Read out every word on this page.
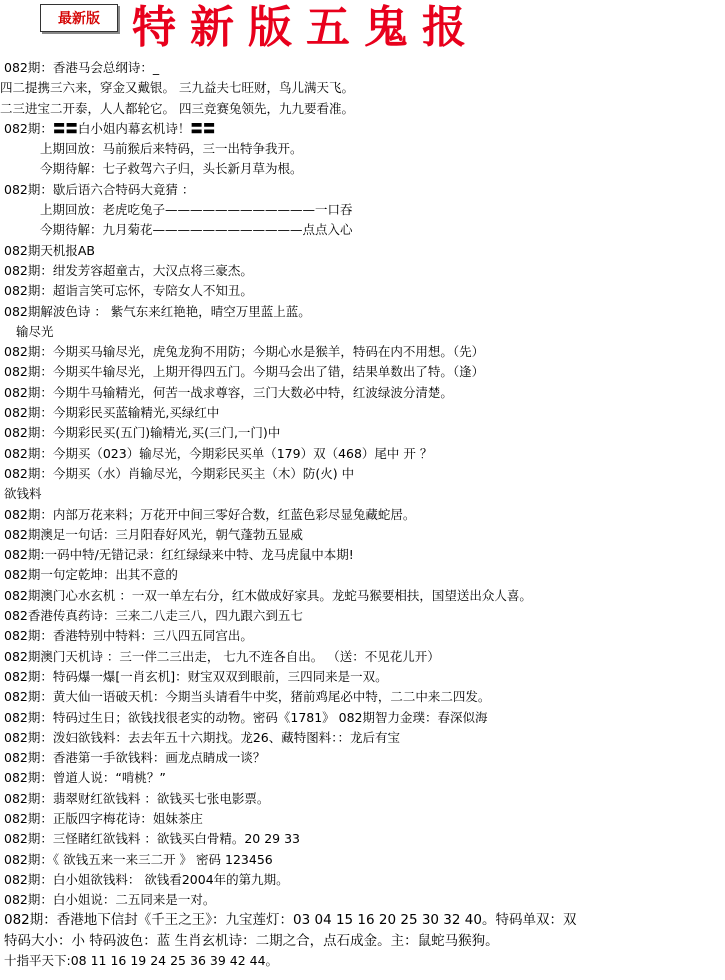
最新版 特新版五鬼报
082期：香港马会总纲诗：_
四二提携三六来，穿金又戴银。 三九益夫七旺财，鸟儿满天飞。
二三进宝二开泰，人人都轮它。 四三竞赛兔领先，九九要看准。
082期：〓〓白小姐内幕玄机诗！〓〓
上期回放：马前猴后来特码，三一出特争我开。
今期待解：七子救驾六子归，头长新月草为根。
082期：歇后语六合特码大竟猜 ：
上期回放：老虎吃兔子————————————一口吞
今期待解：九月菊花————————————点点入心
082期天机报AB
082期：绀发芳容超童古，大汉点将三豪杰。
082期：超诣言笑可忘怀，专陪女人不知丑。
082期解波色诗 ： 紫气东来红艳艳，晴空万里蓝上蓝。
输尽光
082期：今期买马输尽光，虎兔龙狗不用防；今期心水是猴羊，特码在内不用想。（先）
082期：今期买牛输尽光，上期开得四五门。今期马会出了错，结果单数出了特。（逢）
082期：今期牛马输精光，何苦一战求尊容，三门大数必中特，红波绿波分清楚。
082期：今期彩民买蓝输精光,买绿红中
082期：今期彩民买(五门)输精光,买(三门,一门)中
082期：今期买（023）输尽光，今期彩民买单（179）双（468）尾中 开 ？
082期：今期买（水）肖输尽光，今期彩民买主（木）防(火) 中
欲钱料
082期：内部万花来料；万花开中间三零好合数，红蓝色彩尽显兔藏蛇居。
082期澳足一句话：三月阳春好风光，朝气蓬勃五显威
082期:一码中特/无错记录：红红绿绿来中特、龙马虎鼠中本期!
082期一句定乾坤：出其不意的
082期澳门心水玄机 ：一双一单左右分，红木做成好家具。龙蛇马猴要相扶，国望送出众人喜。
082香港传真药诗：三来二八走三八，四九跟六到五七
082期：香港特别中特料：三八四五同宫出。
082期澳门天机诗 ：三一伴二三出走， 七九不连各自出。 （送：不见花儿开）
082期：特码爆一爆[一肖玄机]：财宝双双到眼前，三四同来是一双。
082期：黄大仙一语破天机：今期当头请看牛中奖，猪前鸡尾必中特，二二中来二四发。
082期：特码过生日；欲钱找很老实的动物。密码《1781》 082期智力金璞：春深似海
082期：泼妇欲钱料：去去年五十六期找。龙26、藏特图料：：龙后有宝
082期：香港第一手欲钱料：画龙点睛成一谈？
082期：曾道人说：“啃桃？”
082期：翡翠财红欲钱料 ：欲钱买七张电影票。
082期：正版四字梅花诗：姐妹茶庄
082期：三怪睹红欲钱料 ：欲钱买白骨精。20 29 33
082期：《 欲钱五来一来三二开 》 密码 123456
082期：白小姐欲钱料： 欲钱看2004年的第九期。
082期：白小姐说：二五同来是一对。
082期：香港地下信封《千王之王》：九宝莲灯：03 04 15 16 20 25 30 32 40。特码单双：双
特码大小：小 特码波色：蓝 生肖玄机诗：二期之合，点石成金。主：鼠蛇马猴狗。
十指平天下:08 11 16 19 24 25 36 39 42 44。
